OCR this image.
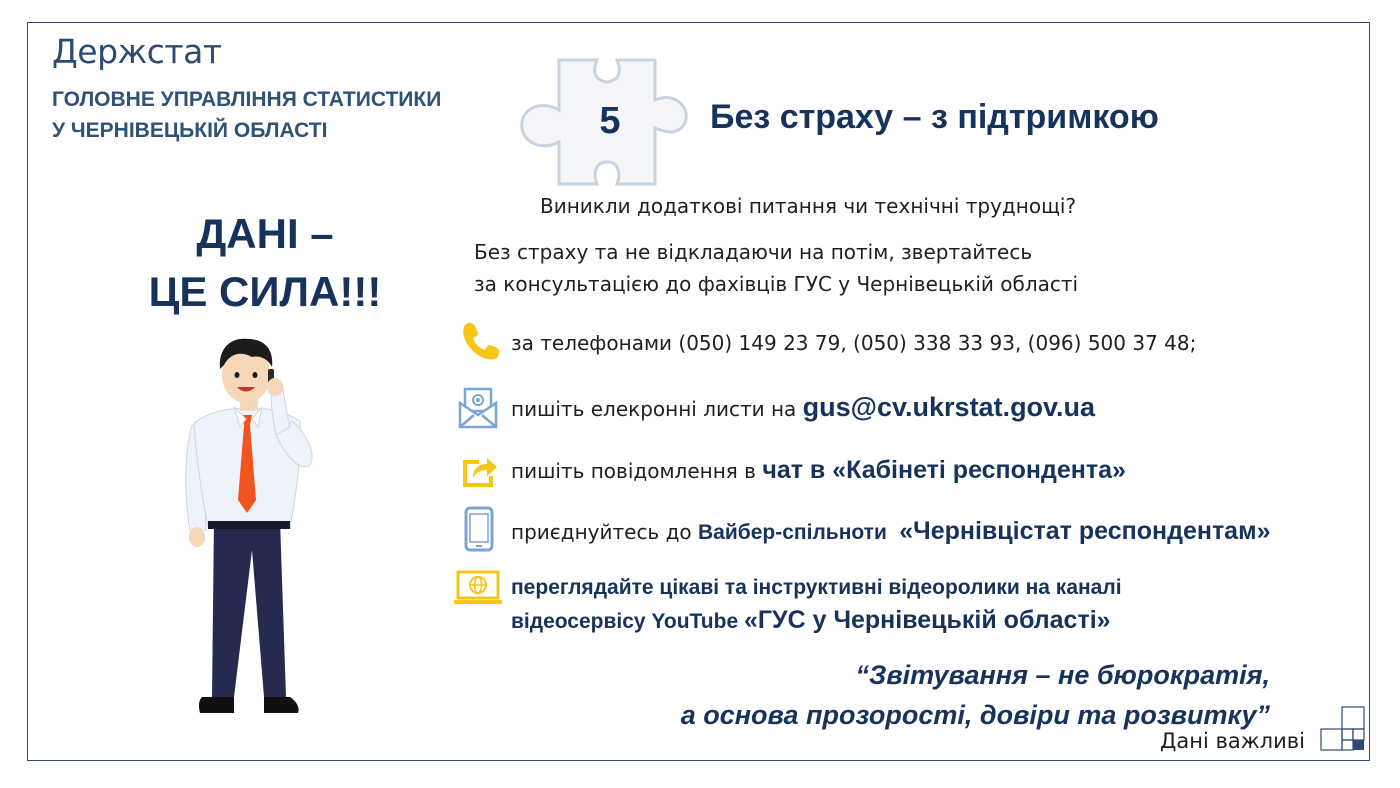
Держстат
ГОЛОВНЕ УПРАВЛІННЯ СТАТИСТИКИ
У ЧЕРНІВЕЦЬКІЙ ОБЛАСТІ
ДАНІ –
ЦЕ СИЛА!!!
5	Без страху – з підтримкою
Виникли додаткові питання чи технічні труднощі?
Без страху та не відкладаючи на потім, звертайтесь
за консультацією до фахівців ГУС у Чернівецькій області
за телефонами (050) 149 23 79, (050) 338 33 93, (096) 500 37 48;
пишіть елекронні листи на gus@cv.ukrstat.gov.ua
пишіть повідомлення в чат в «Кабінеті респондента»
приєднуйтесь до Вайбер-спільноти «Чернівцістат респондентам»
переглядайте цікаві та інструктивні відеоролики на каналі
відеосервісу YouTube «ГУС у Чернівецькій області»
“Звітування – не бюрократія,
а основа прозорості, довіри та розвитку”
Дані важливі
